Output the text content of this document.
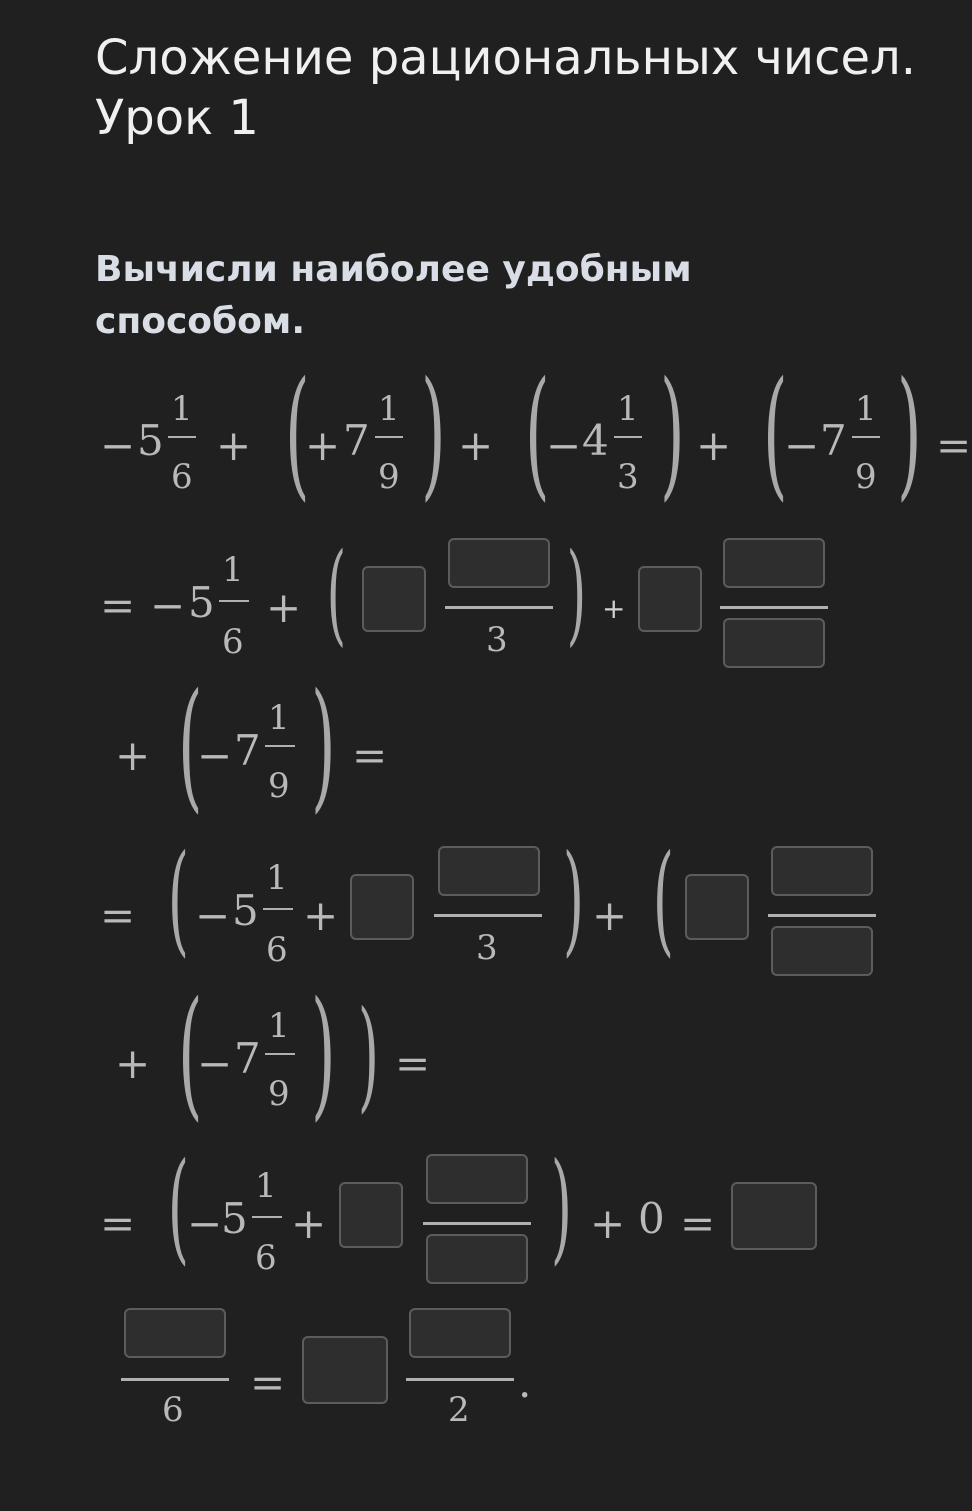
Сложение рациональных чисел. Урок 1
Вычисли наиболее удобным способом.
− 5
1
6
+ (
+ 7
1
9 ) + (
− 4
1
3 ) + (
− 7
1
9 ) =
= − 5
1
6
+ (	3 ) +
+ (
− 7
1
9 ) =
= ( − 5
1
6
+
3 ) + (
+ (
− 7
1
9 ) ) =
= (
−
5
1
6
+ ) + 0 =
6
=
2
.
